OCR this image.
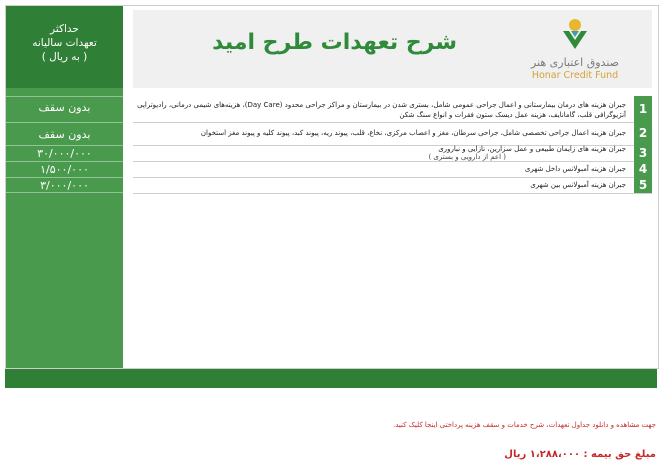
حداکثر
تعهدات سالیانه
( به ریال )
بدون سقف
بدون سقف
۳۰/۰۰۰/۰۰۰
۱/۵۰۰/۰۰۰
۳/۰۰۰/۰۰۰
شرح تعهدات طرح امید
صندوق اعتباری هنر
Honar Credit Fund
1
جبران هزینه های درمان بیمارستانی و اعمال جراحی عمومی شامل، بستری شدن در بیمارستان و مراکز جراحی محدود (Day Care)، هزینه‌های شیمی درمانی، رادیوتراپی آنژیوگرافی قلب، گامانایف، هزینه عمل دیسک ستون فقرات و انواع سنگ شکن
2
جبران هزینه اعمال جراحی تخصصی شامل، جراحی سرطان، مغز و اعصاب مرکزی، نخاع، قلب، پیوند ریه، پیوند کبد، پیوند کلیه و پیوند مغز استخوان
3
جبران هزینه های زایمان طبیعی و عمل سزارین، نازایی و نباروری
( اعم از دارویی و بستری )
4
جبران هزینه آمبولانس داخل شهری
5
جبران هزینه آمبولانس بین شهری
جهت مشاهده و دانلود جداول تعهدات، شرح خدمات و سقف هزینه پرداختی اینجا کلیک کنید.
مبلغ حق بیمه : ۱،۲۸۸،۰۰۰ ریال
